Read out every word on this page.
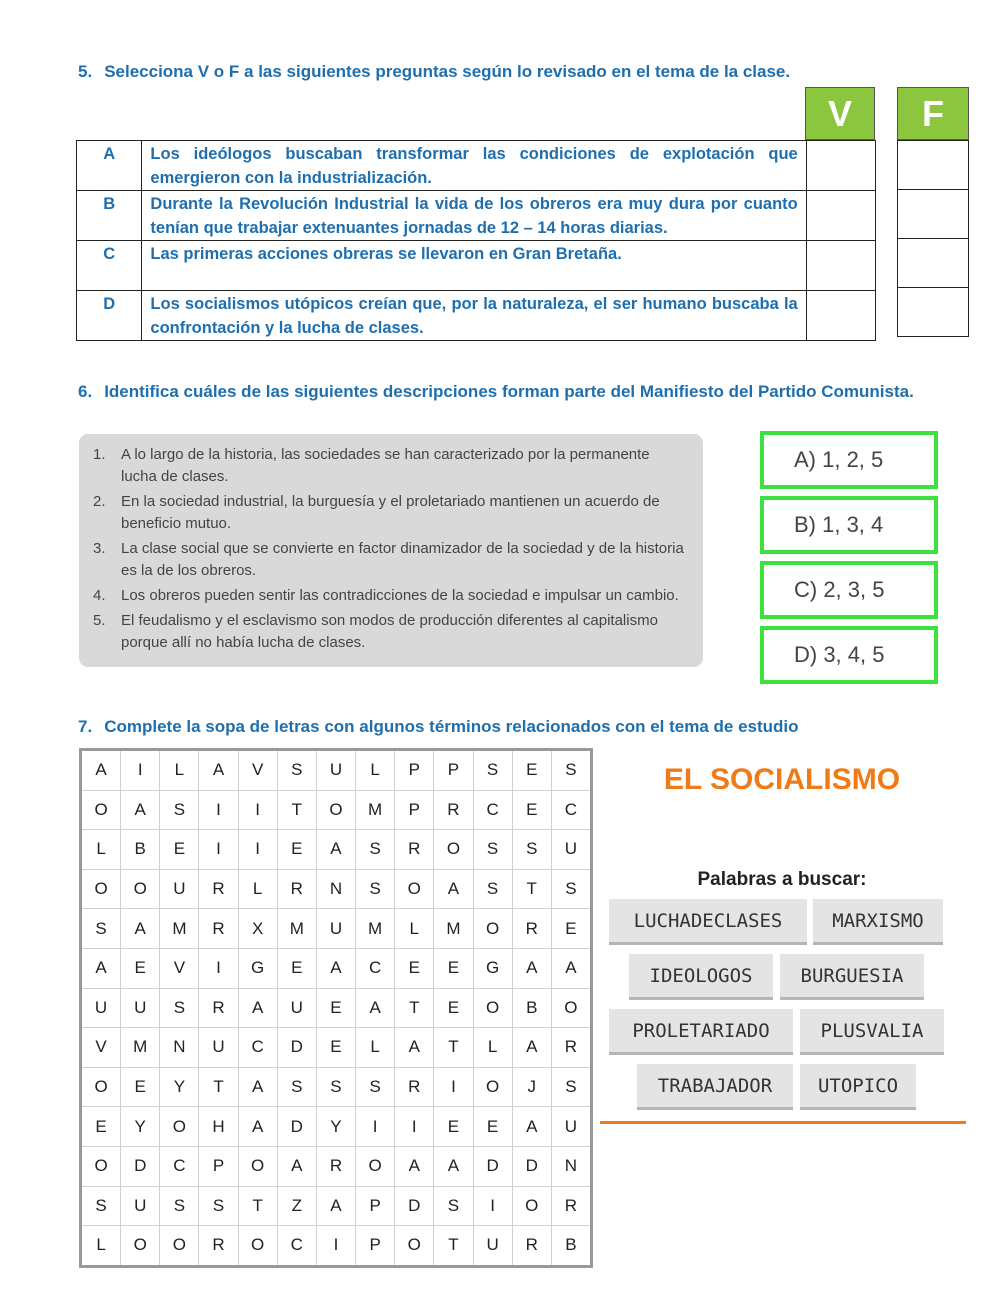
5. Selecciona V o F a las siguientes preguntas según lo revisado en el tema de la clase.
V	F
A	Los ideólogos buscaban transformar las condiciones de explotación que emergieron con la industrialización.	
B	Durante la Revolución Industrial la vida de los obreros era muy dura por cuanto tenían que trabajar extenuantes jornadas de 12 – 14 horas diarias.	
C	Las primeras acciones obreras se llevaron en Gran Bretaña.	
D	Los socialismos utópicos creían que, por la naturaleza, el ser humano buscaba la confrontación y la lucha de clases.	

6. Identifica cuáles de las siguientes descripciones forman parte del Manifiesto del Partido Comunista.
1.	A lo largo de la historia, las sociedades se han caracterizado por la permanente lucha de clases.
2.	En la sociedad industrial, la burguesía y el proletariado mantienen un acuerdo de beneficio mutuo.
3.	La clase social que se convierte en factor dinamizador de la sociedad y de la historia es la de los obreros.
4.	Los obreros pueden sentir las contradicciones de la sociedad e impulsar un cambio.
5.	El feudalismo y el esclavismo son modos de producción diferentes al capitalismo porque allí no había lucha de clases.
A) 1, 2, 5
B) 1, 3, 4
C) 2, 3, 5
D) 3, 4, 5
7. Complete la sopa de letras con algunos términos relacionados con el tema de estudio
A	I	L	A	V	S	U	L	P	P	S	E	S
O	A	S	I	I	T	O	M	P	R	C	E	C
L	B	E	I	I	E	A	S	R	O	S	S	U
O	O	U	R	L	R	N	S	O	A	S	T	S
S	A	M	R	X	M	U	M	L	M	O	R	E
A	E	V	I	G	E	A	C	E	E	G	A	A
U	U	S	R	A	U	E	A	T	E	O	B	O
V	M	N	U	C	D	E	L	A	T	L	A	R
O	E	Y	T	A	S	S	S	R	I	O	J	S
E	Y	O	H	A	D	Y	I	I	E	E	A	U
O	D	C	P	O	A	R	O	A	A	D	D	N
S	U	S	S	T	Z	A	P	D	S	I	O	R
L	O	O	R	O	C	I	P	O	T	U	R	B
EL SOCIALISMO
Palabras a buscar:
LUCHADECLASES	MARXISMO
IDEOLOGOS	BURGUESIA
PROLETARIADO	PLUSVALIA
TRABAJADOR	UTOPICO
